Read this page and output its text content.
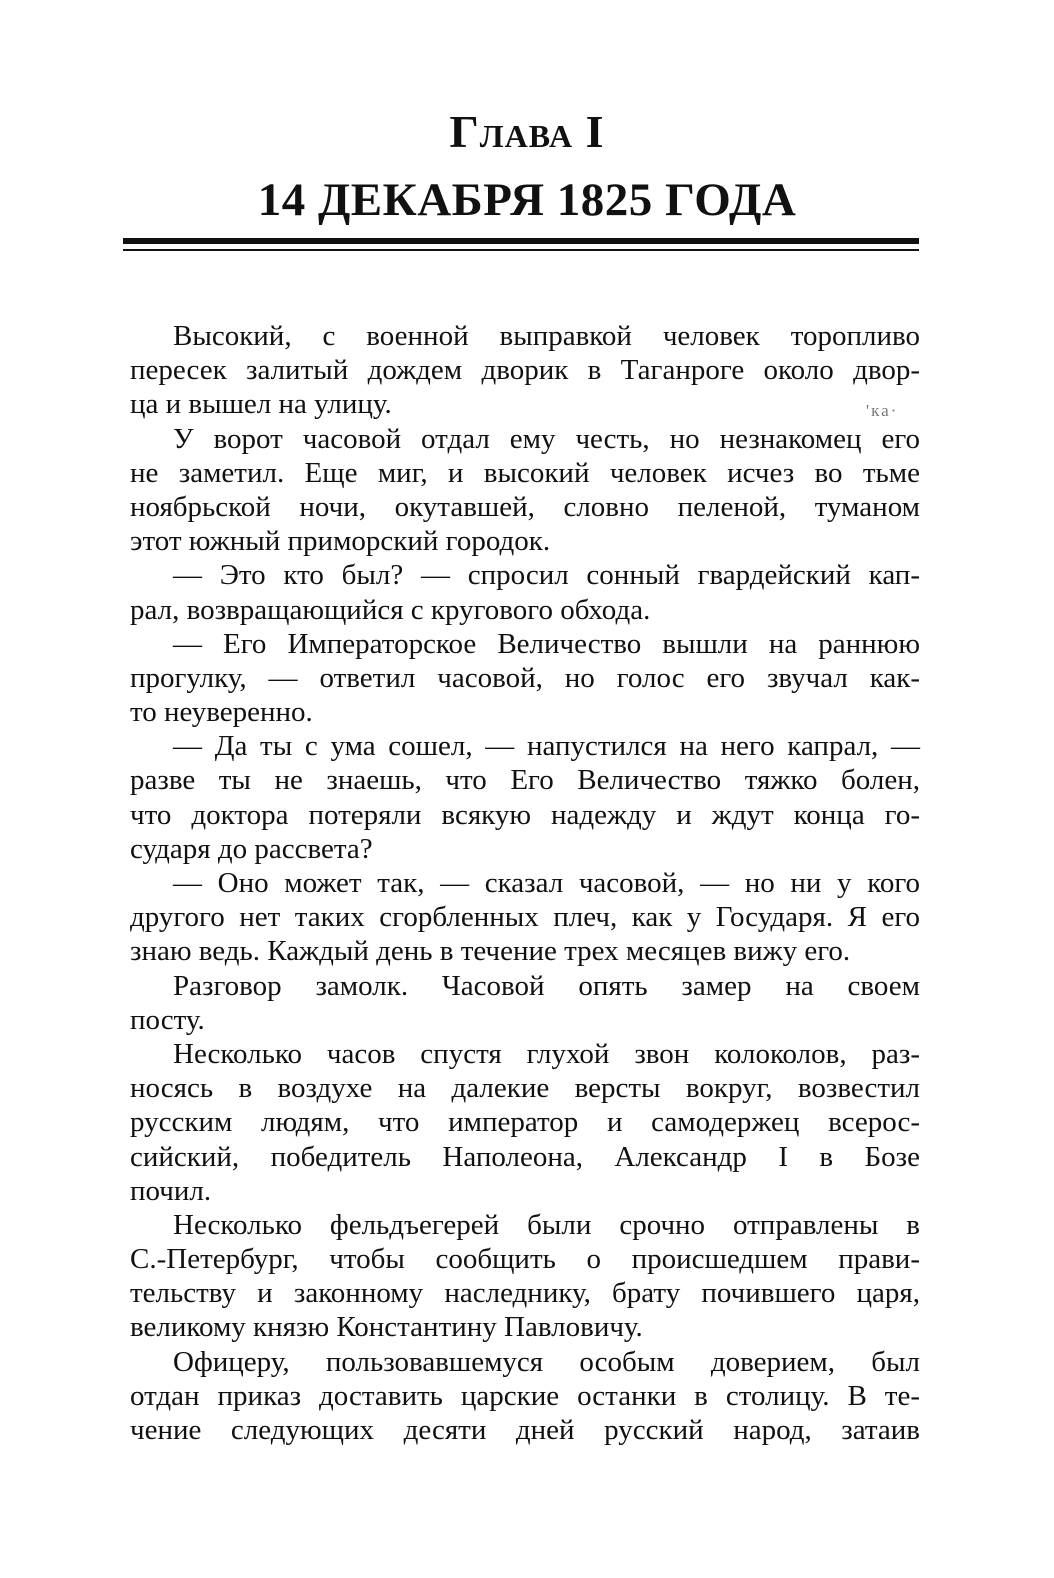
Глава I
14 ДЕКАБРЯ 1825 ГОДА
'ка·
Высокий, с военной выправкой человек торопливо
пересек залитый дождем дворик в Таганроге около двор-
ца и вышел на улицу.
У ворот часовой отдал ему честь, но незнакомец его
не заметил. Еще миг, и высокий человек исчез во тьме
ноябрьской ночи, окутавшей, словно пеленой, туманом
этот южный приморский городок.
— Это кто был? — спросил сонный гвардейский кап-
рал, возвращающийся с кругового обхода.
— Его Императорское Величество вышли на раннюю
прогулку, — ответил часовой, но голос его звучал как-
то неуверенно.
— Да ты с ума сошел, — напустился на него капрал, —
разве ты не знаешь, что Его Величество тяжко болен,
что доктора потеряли всякую надежду и ждут конца го-
сударя до рассвета?
— Оно может так, — сказал часовой, — но ни у кого
другого нет таких сгорбленных плеч, как у Государя. Я его
знаю ведь. Каждый день в течение трех месяцев вижу его.
Разговор замолк. Часовой опять замер на своем
посту.
Несколько часов спустя глухой звон колоколов, раз-
носясь в воздухе на далекие версты вокруг, возвестил
русским людям, что император и самодержец всерос-
сийский, победитель Наполеона, Александр I в Бозе
почил.
Несколько фельдъегерей были срочно отправлены в
С.-Петербург, чтобы сообщить о происшедшем прави-
тельству и законному наследнику, брату почившего царя,
великому князю Константину Павловичу.
Офицеру, пользовавшемуся особым доверием, был
отдан приказ доставить царские останки в столицу. В те-
чение следующих десяти дней русский народ, затаив
